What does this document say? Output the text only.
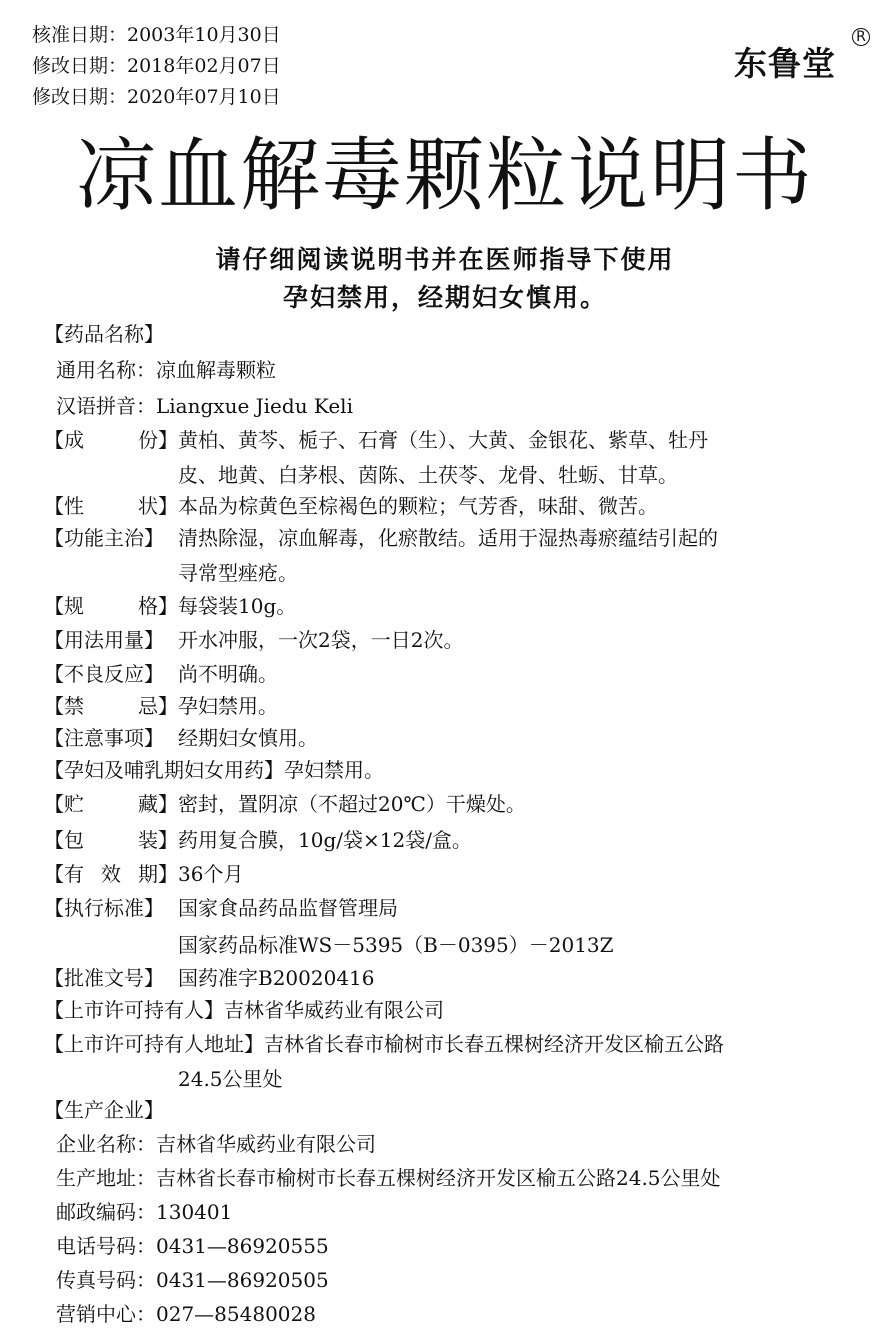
核准日期：2003年10月30日
修改日期：2018年02月07日
修改日期：2020年07月10日
东鲁堂
R
凉血解毒颗粒说明书
请仔细阅读说明书并在医师指导下使用
孕妇禁用，经期妇女慎用。
【药品名称】
通用名称：凉血解毒颗粒
汉语拼音：Liangxue Jiedu Keli
【成	份】 黄柏、黄芩、栀子、石膏（生）、大黄、金银花、紫草、牡丹
皮、地黄、白茅根、茵陈、土茯苓、龙骨、牡蛎、甘草。
【性	状】 本品为棕黄色至棕褐色的颗粒；气芳香，味甜、微苦。
【功能主治】 清热除湿，凉血解毒，化瘀散结。适用于湿热毒瘀蕴结引起的
寻常型痤疮。
【规	格】 每袋装10g。
【用法用量】 开水冲服，一次2袋，一日2次。
【不良反应】 尚不明确。
【禁	忌】 孕妇禁用。
【注意事项】 经期妇女慎用。
【孕妇及哺乳期妇女用药】 孕妇禁用。
【贮	藏】 密封，置阴凉（不超过20℃）干燥处。
【包	装】 药用复合膜，10g/袋×12袋/盒。
【有 效 期】 36个月
【执行标准】 国家食品药品监督管理局
国家药品标准WS－5395（B－0395）－2013Z
【批准文号】 国药准字B20020416
【上市许可持有人】 吉林省华威药业有限公司
【上市许可持有人地址】吉林省长春市榆树市长春五棵树经济开发区榆五公路
24.5公里处
【生产企业】
企业名称：吉林省华威药业有限公司
生产地址：吉林省长春市榆树市长春五棵树经济开发区榆五公路24.5公里处
邮政编码：130401
电话号码：0431—86920555
传真号码：0431—86920505
营销中心：027—85480028
